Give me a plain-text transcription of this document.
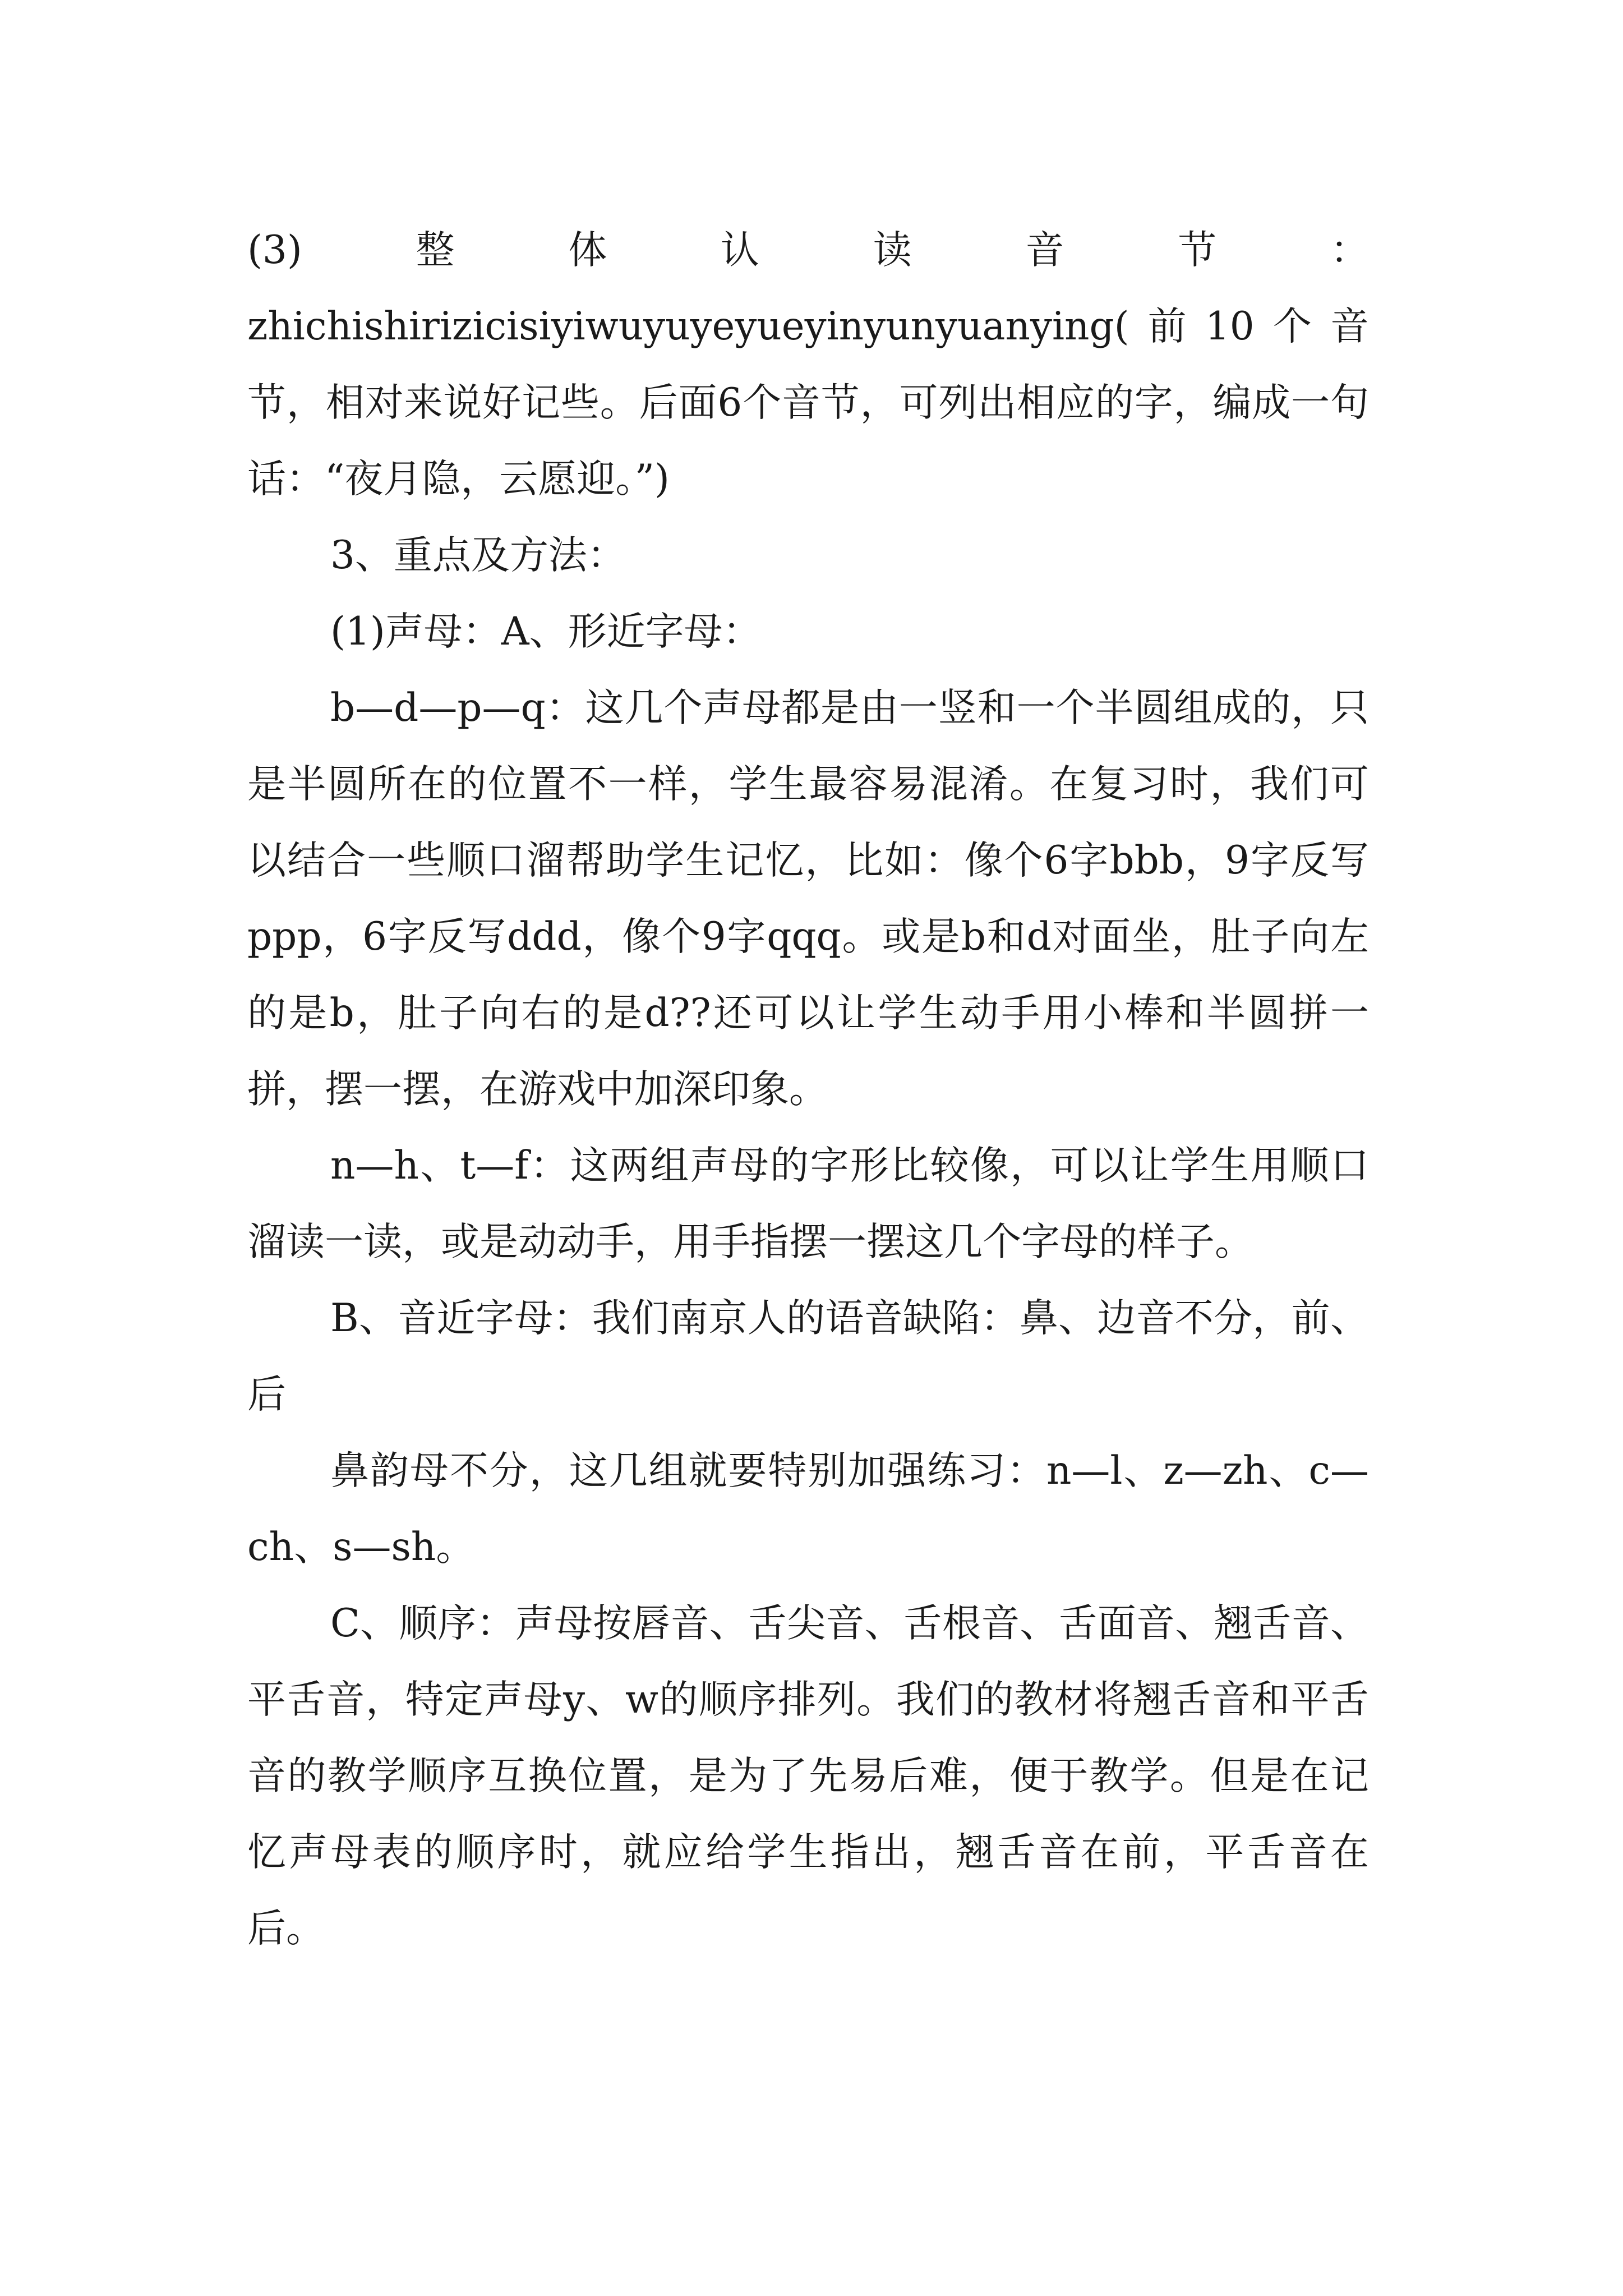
(3)	整	体	认	读	音	节	：

zhichishirizicisiyiwuyuyeyueyinyunyuanying(前10个音节，相对来说好记些。后面6个音节，可列出相应的字，编成一句话：“夜月隐，云愿迎。”)

3、重点及方法：

(1)声母：A、形近字母：

b—d—p—q：这几个声母都是由一竖和一个半圆组成的，只是半圆所在的位置不一样，学生最容易混淆。在复习时，我们可以结合一些顺口溜帮助学生记忆，比如：像个6字bbb，9字反写ppp，6字反写ddd，像个9字qqq。或是b和d对面坐，肚子向左的是b，肚子向右的是d??还可以让学生动手用小棒和半圆拼一拼，摆一摆，在游戏中加深印象。

n—h、t—f：这两组声母的字形比较像，可以让学生用顺口溜读一读，或是动动手，用手指摆一摆这几个字母的样子。

B、音近字母：我们南京人的语音缺陷：鼻、边音不分，前、后

鼻韵母不分，这几组就要特别加强练习：n—l、z—zh、c—ch、s—sh。

C、顺序：声母按唇音、舌尖音、舌根音、舌面音、翘舌音、平舌音，特定声母y、w的顺序排列。我们的教材将翘舌音和平舌音的教学顺序互换位置，是为了先易后难，便于教学。但是在记忆声母表的顺序时，就应给学生指出，翘舌音在前，平舌音在后。
